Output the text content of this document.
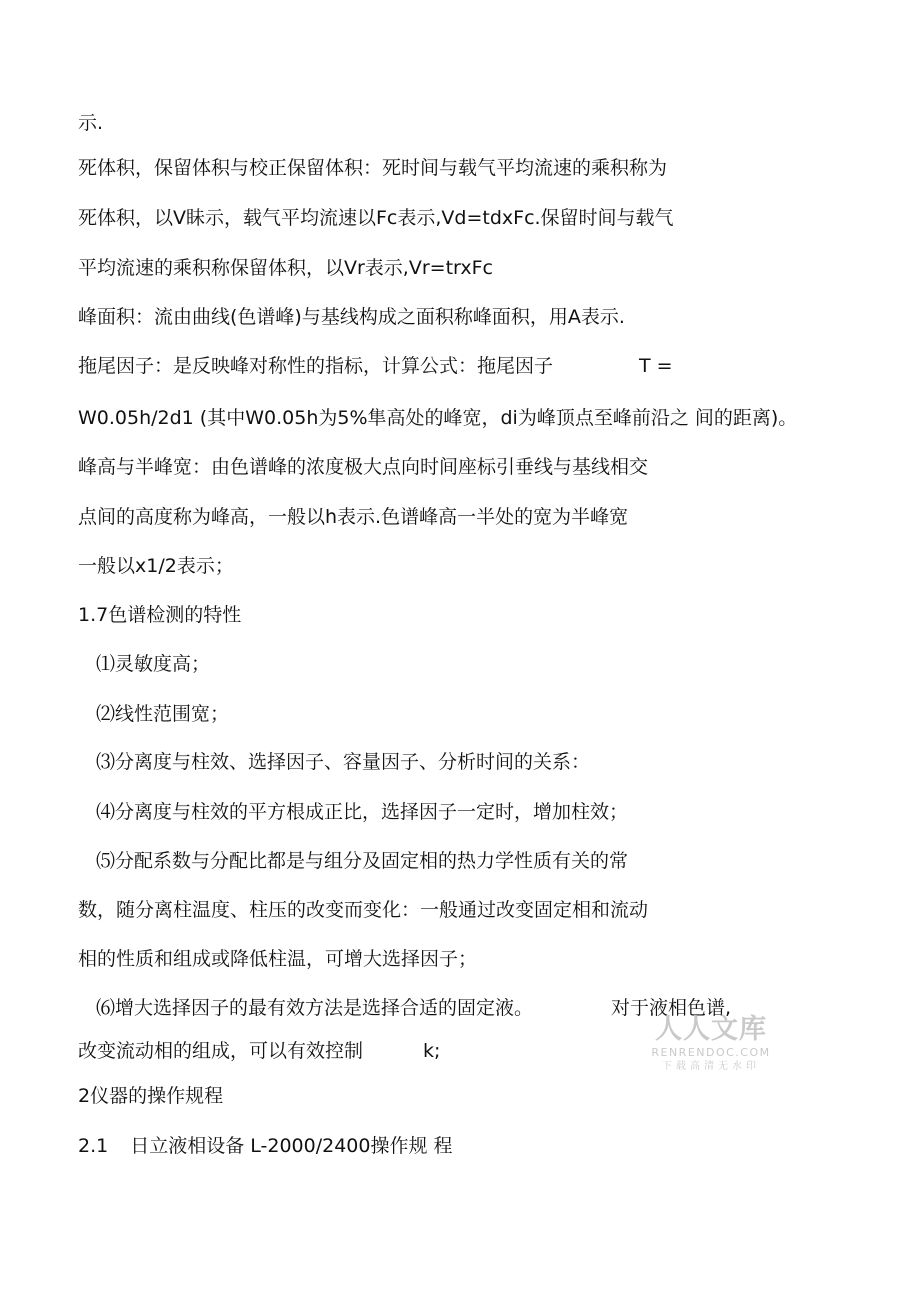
示.
死体积，保留体积与校正保留体积：死时间与载气平均流速的乘积称为
死体积，以V眛示，载气平均流速以Fc表示,Vd=tdxFc.保留时间与载气
平均流速的乘积称保留体积，以Vr表示,Vr=trxFc
峰面积：流由曲线(色谱峰)与基线构成之面积称峰面积，用A表示.
拖尾因子：是反映峰对称性的指标，计算公式：拖尾因子	T =
W0.05h/2d1 (其中W0.05h为5%隼高处的峰宽，di为峰顶点至峰前沿之 间的距离)。
峰高与半峰宽：由色谱峰的浓度极大点向时间座标引垂线与基线相交
点间的高度称为峰高，一般以h表示.色谱峰高一半处的宽为半峰宽
一般以x1/2表示；
1.7色谱检测的特性
⑴灵敏度高；
⑵线性范围宽；
⑶分离度与柱效、选择因子、容量因子、分析时间的关系：
⑷分离度与柱效的平方根成正比，选择因子一定时，增加柱效；
⑸分配系数与分配比都是与组分及固定相的热力学性质有关的常
数，随分离柱温度、柱压的改变而变化：一般通过改变固定相和流动
相的性质和组成或降低柱温，可增大选择因子；
⑹增大选择因子的最有效方法是选择合适的固定液。	对于液相色谱,
改变流动相的组成，可以有效控制	k;
2仪器的操作规程
2.1 日立液相设备 L-2000/2400操作规 程
人人文库
RENRENDOC.COM
下载高清无水印
